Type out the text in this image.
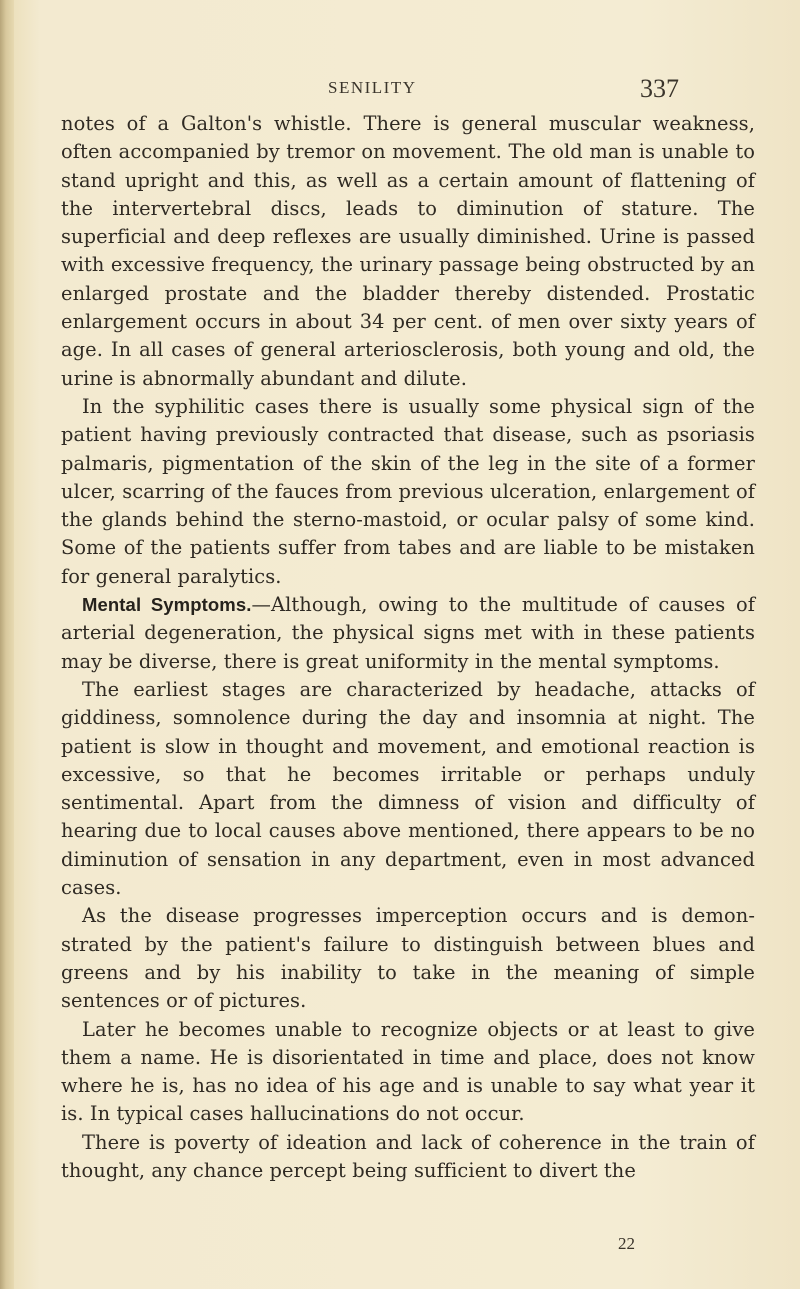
SENILITY	337

notes of a Galton's whistle. There is general muscular weakness, often accompanied by tremor on movement. The old man is unable to stand upright and this, as well as a certain amount of flattening of the intervertebral discs, leads to diminution of stature. The superficial and deep reflexes are usually diminished. Urine is passed with excessive frequency, the urinary passage being obstructed by an enlarged prostate and the bladder thereby distended. Prostatic enlargement occurs in about 34 per cent. of men over sixty years of age. In all cases of general arteriosclerosis, both young and old, the urine is abnormally abundant and dilute.

In the syphilitic cases there is usually some physical sign of the patient having previously contracted that disease, such as psoriasis palmaris, pigmentation of the skin of the leg in the site of a former ulcer, scarring of the fauces from previous ulceration, enlargement of the glands behind the sterno-mastoid, or ocular palsy of some kind. Some of the patients suffer from tabes and are liable to be mistaken for general paralytics.

Mental Symptoms.—Although, owing to the multitude of causes of arterial degeneration, the physical signs met with in these patients may be diverse, there is great uniformity in the mental symptoms.

The earliest stages are characterized by headache, attacks of giddiness, somnolence during the day and insomnia at night. The patient is slow in thought and movement, and emotional reaction is excessive, so that he becomes irritable or perhaps unduly sentimental. Apart from the dimness of vision and difficulty of hearing due to local causes above mentioned, there appears to be no diminution of sensation in any department, even in most advanced cases.

As the disease progresses imperception occurs and is demon- strated by the patient's failure to distinguish between blues and greens and by his inability to take in the meaning of simple sentences or of pictures.

Later he becomes unable to recognize objects or at least to give them a name. He is disorientated in time and place, does not know where he is, has no idea of his age and is unable to say what year it is. In typical cases hallucinations do not occur.

There is poverty of ideation and lack of coherence in the train of thought, any chance percept being sufficient to divert the

22
